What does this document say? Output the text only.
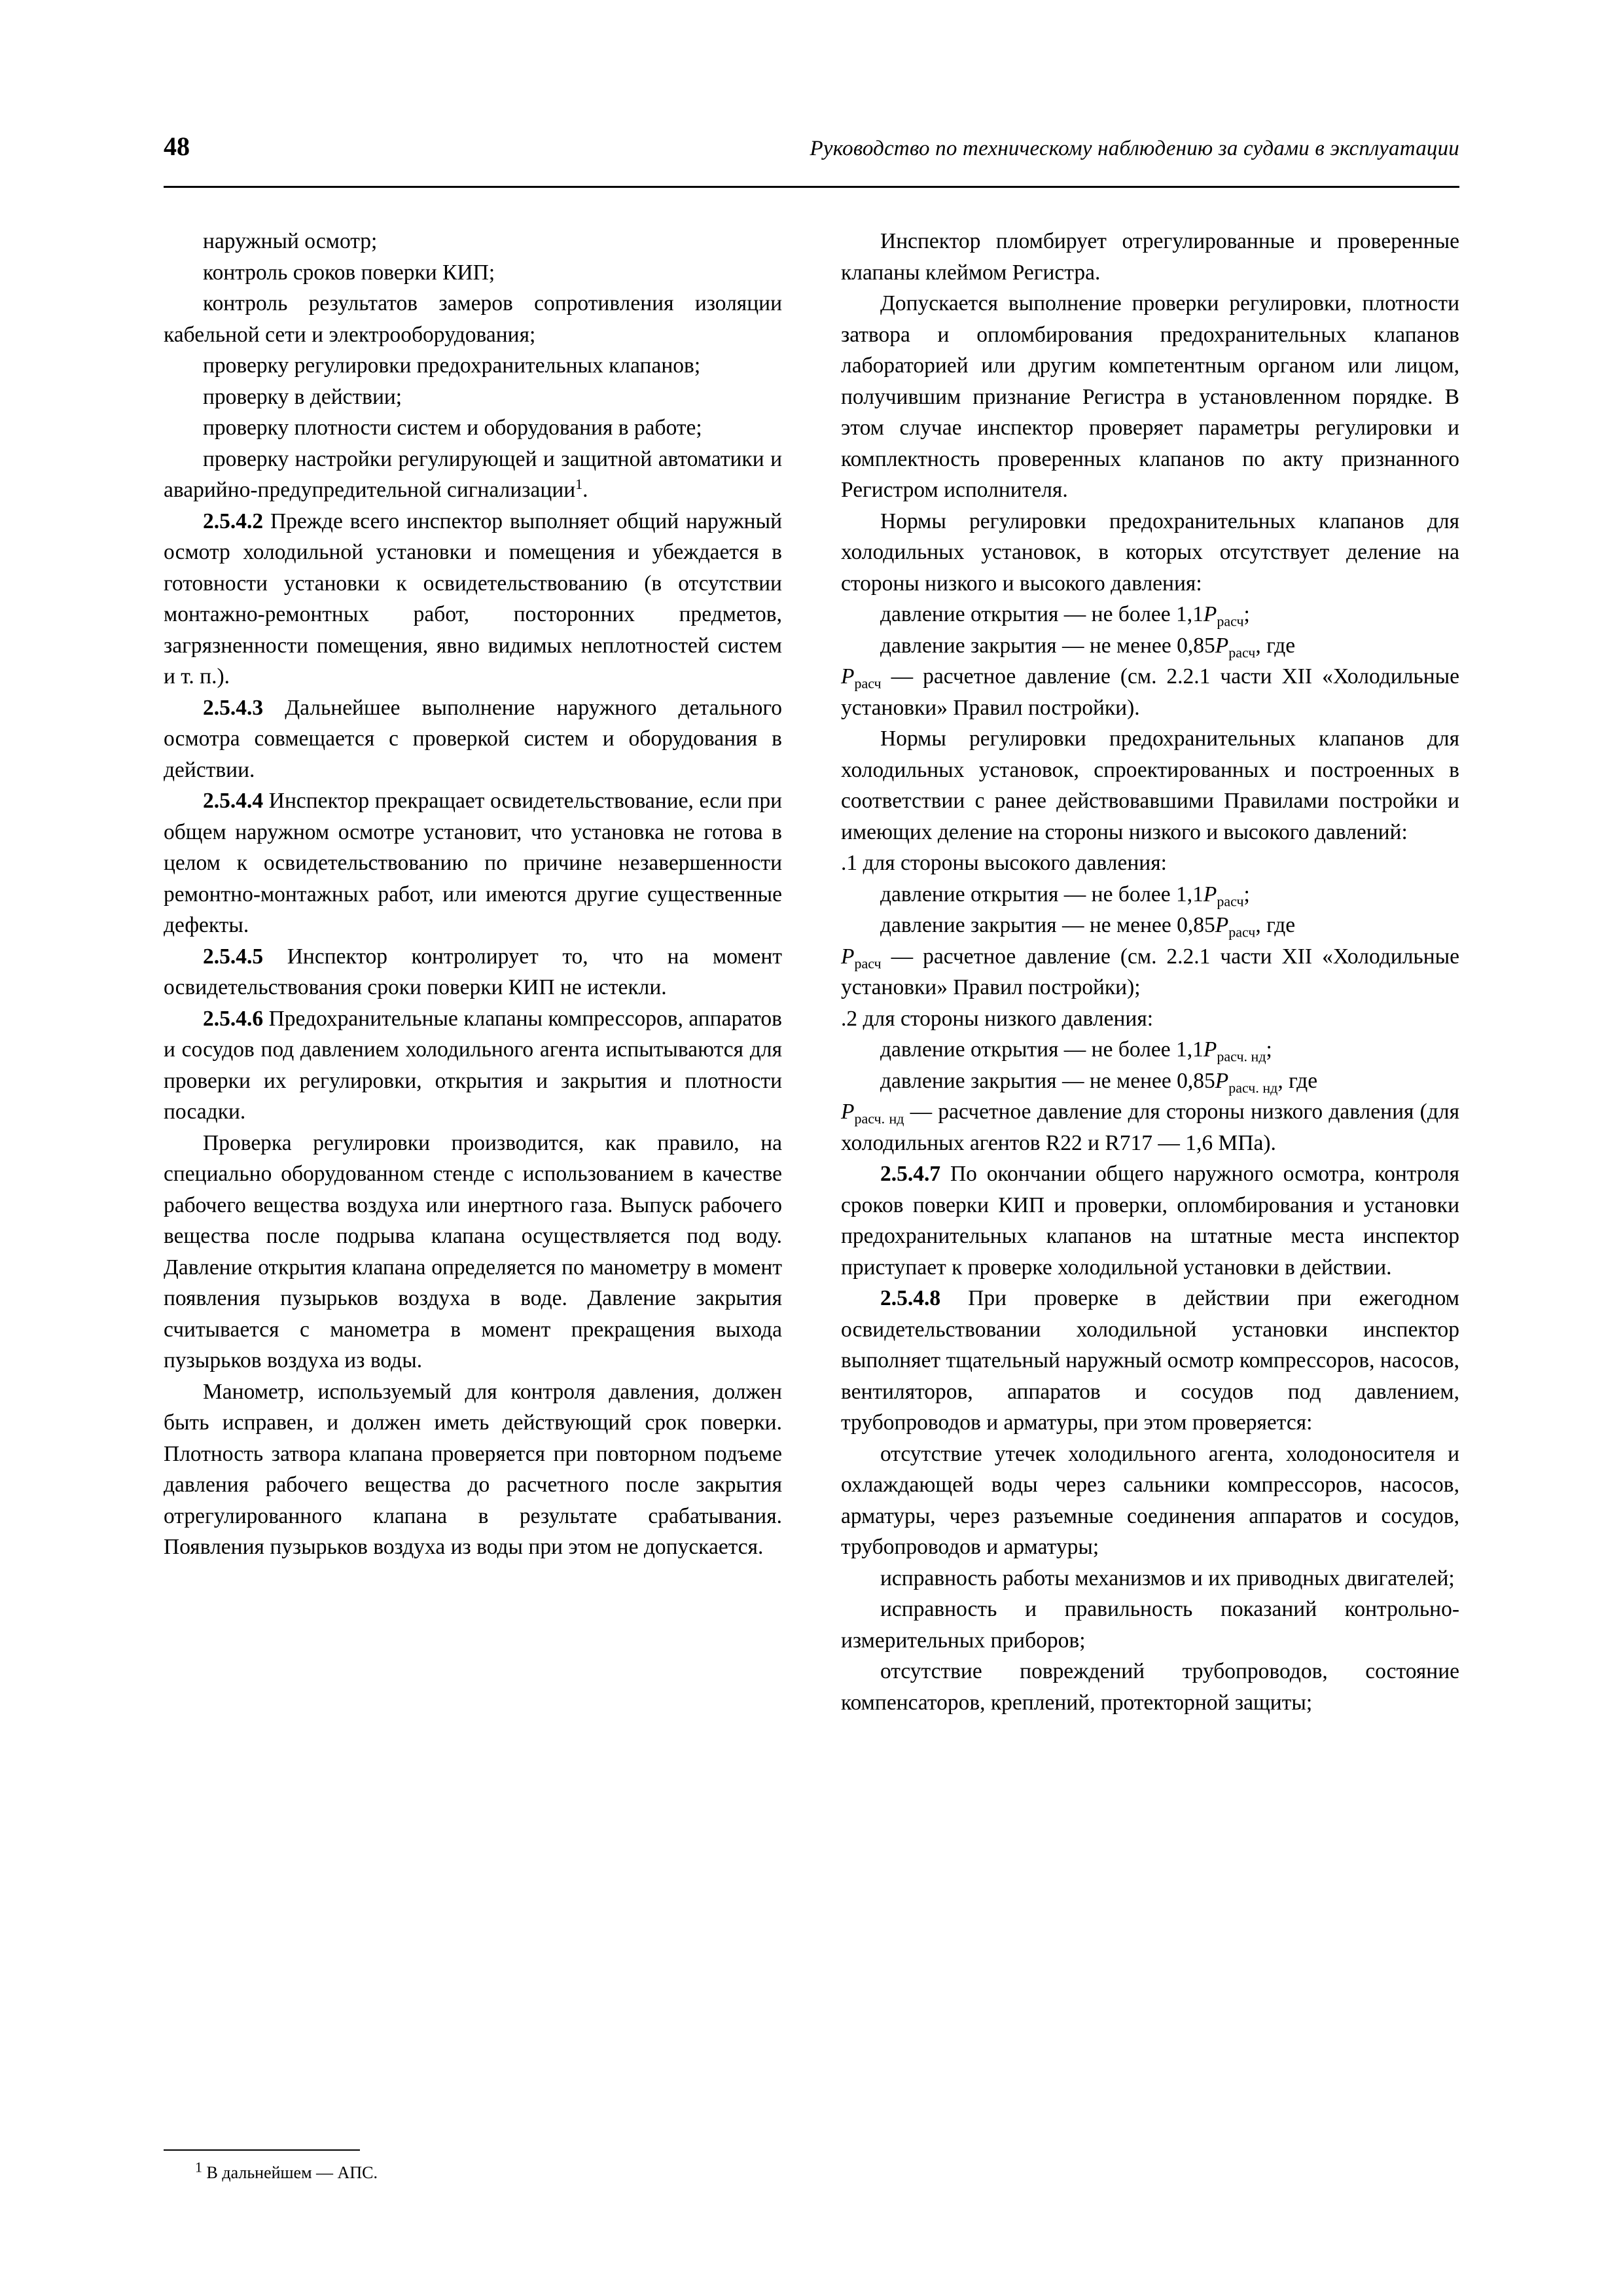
48	Руководство по техническому наблюдению за судами в эксплуатации

наружный осмотр;

контроль сроков поверки КИП;

контроль результатов замеров сопротивления изоляции кабельной сети и электрооборудования;

проверку регулировки предохранительных клапанов;

проверку в действии;

проверку плотности систем и оборудования в работе;

проверку настройки регулирующей и защитной автоматики и аварийно-предупредительной сигнализации$^1$.

2.5.4.2 Прежде всего инспектор выполняет общий наружный осмотр холодильной установки и помещения и убеждается в готовности установки к освидетельствованию (в отсутствии монтажно-ремонтных работ, посторонних предметов, загрязненности помещения, явно видимых неплотностей систем и т. п.).

2.5.4.3 Дальнейшее выполнение наружного детального осмотра совмещается с проверкой систем и оборудования в действии.

2.5.4.4 Инспектор прекращает освидетельствование, если при общем наружном осмотре установит, что установка не готова в целом к освидетельствованию по причине незавершенности ремонтно-монтажных работ, или имеются другие существенные дефекты.

2.5.4.5 Инспектор контролирует то, что на момент освидетельствования сроки поверки КИП не истекли.

2.5.4.6 Предохранительные клапаны компрессоров, аппаратов и сосудов под давлением холодильного агента испытываются для проверки их регулировки, открытия и закрытия и плотности посадки.

Проверка регулировки производится, как правило, на специально оборудованном стенде с использованием в качестве рабочего вещества воздуха или инертного газа. Выпуск рабочего вещества после подрыва клапана осуществляется под воду. Давление открытия клапана определяется по манометру в момент появления пузырьков воздуха в воде. Давление закрытия считывается с манометра в момент прекращения выхода пузырьков воздуха из воды.

Манометр, используемый для контроля давления, должен быть исправен, и должен иметь действующий срок поверки. Плотность затвора клапана проверяется при повторном подъеме давления рабочего вещества до расчетного после закрытия отрегулированного клапана в результате срабатывания. Появления пузырьков воздуха из воды при этом не допускается.

$^1$ В дальнейшем — АПС.

Инспектор пломбирует отрегулированные и проверенные клапаны клеймом Регистра.

Допускается выполнение проверки регулировки, плотности затвора и опломбирования предохранительных клапанов лабораторией или другим компетентным органом или лицом, получившим признание Регистра в установленном порядке. В этом случае инспектор проверяет параметры регулировки и комплектность проверенных клапанов по акту признанного Регистром исполнителя.

Нормы регулировки предохранительных клапанов для холодильных установок, в которых отсутствует деление на стороны низкого и высокого давления:

давление открытия — не более $1,1P_{расч}$;

давление закрытия — не менее $0,85P_{расч}$, где

$P_{расч}$ — расчетное давление (см. 2.2.1 части XII «Холодильные установки» Правил постройки).

Нормы регулировки предохранительных клапанов для холодильных установок, спроектированных и построенных в соответствии с ранее действовавшими Правилами постройки и имеющих деление на стороны низкого и высокого давлений:

.1 для стороны высокого давления:

давление открытия — не более $1,1P_{расч}$;

давление закрытия — не менее $0,85P_{расч}$, где

$P_{расч}$ — расчетное давление (см. 2.2.1 части XII «Холодильные установки» Правил постройки);

.2 для стороны низкого давления:

давление открытия — не более $1,1P_{расч. нд}$;

давление закрытия — не менее $0,85P_{расч. нд}$, где

$P_{расч. нд}$ — расчетное давление для стороны низкого давления (для холодильных агентов R22 и R717 — 1,6 МПа).

2.5.4.7 По окончании общего наружного осмотра, контроля сроков поверки КИП и проверки, опломбирования и установки предохранительных клапанов на штатные места инспектор приступает к проверке холодильной установки в действии.

2.5.4.8 При проверке в действии при ежегодном освидетельствовании холодильной установки инспектор выполняет тщательный наружный осмотр компрессоров, насосов, вентиляторов, аппаратов и сосудов под давлением, трубопроводов и арматуры, при этом проверяется:

отсутствие утечек холодильного агента, холодоносителя и охлаждающей воды через сальники компрессоров, насосов, арматуры, через разъемные соединения аппаратов и сосудов, трубопроводов и арматуры;

исправность работы механизмов и их приводных двигателей;

исправность и правильность показаний контрольно-измерительных приборов;

отсутствие повреждений трубопроводов, состояние компенсаторов, креплений, протекторной защиты;
